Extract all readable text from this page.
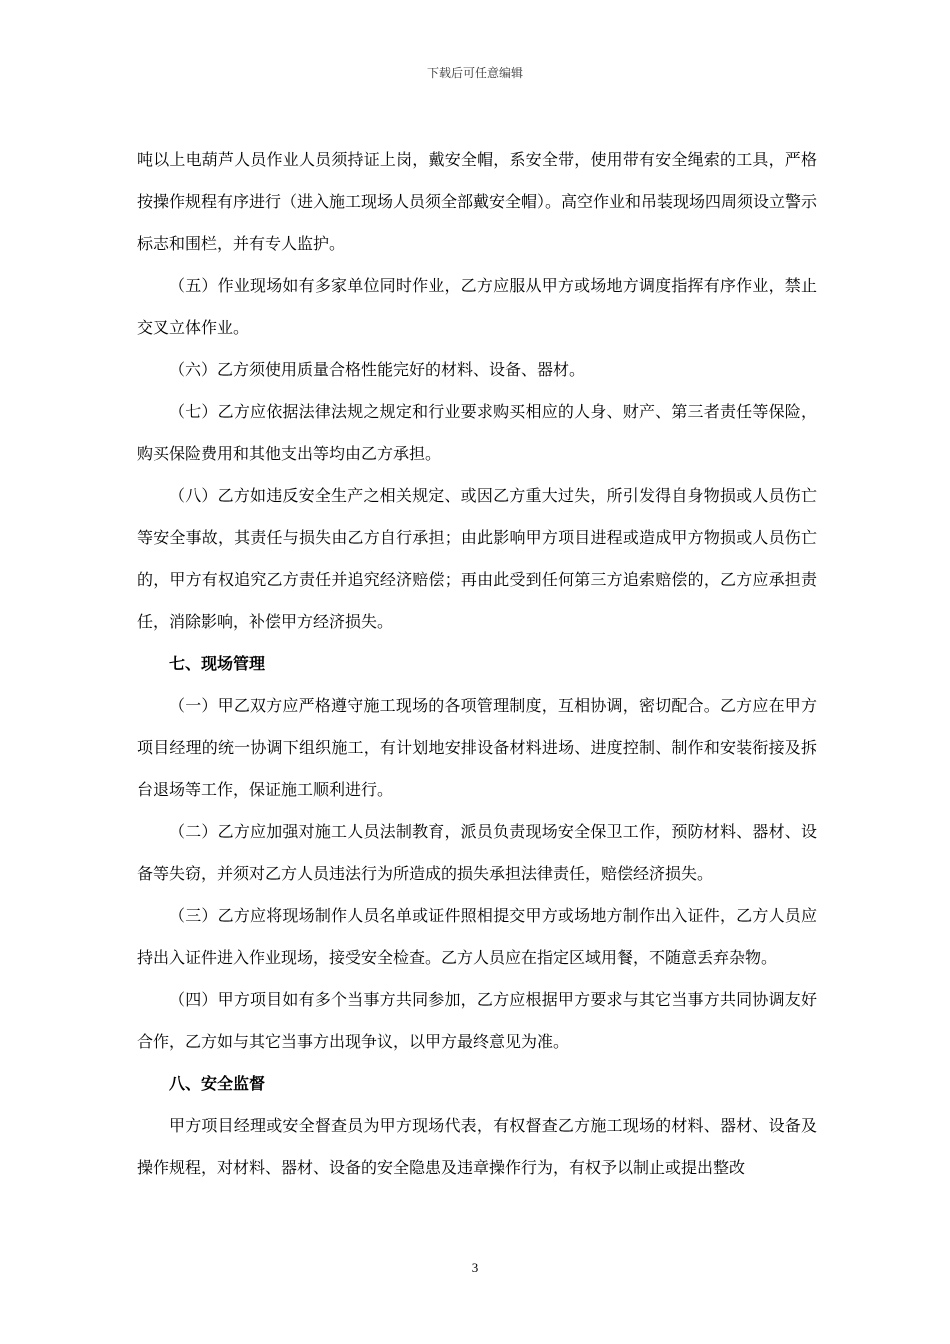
下载后可任意编辑

吨以上电葫芦人员作业人员须持证上岗，戴安全帽，系安全带，使用带有安全绳索的工具，严格按操作规程有序进行（进入施工现场人员须全部戴安全帽）。高空作业和吊装现场四周须设立警示标志和围栏，并有专人监护。

（五）作业现场如有多家单位同时作业，乙方应服从甲方或场地方调度指挥有序作业，禁止交叉立体作业。

（六）乙方须使用质量合格性能完好的材料、设备、器材。

（七）乙方应依据法律法规之规定和行业要求购买相应的人身、财产、第三者责任等保险，购买保险费用和其他支出等均由乙方承担。

（八）乙方如违反安全生产之相关规定、或因乙方重大过失，所引发得自身物损或人员伤亡等安全事故，其责任与损失由乙方自行承担；由此影响甲方项目进程或造成甲方物损或人员伤亡的，甲方有权追究乙方责任并追究经济赔偿；再由此受到任何第三方追索赔偿的，乙方应承担责任，消除影响，补偿甲方经济损失。

七、现场管理

（一）甲乙双方应严格遵守施工现场的各项管理制度，互相协调，密切配合。乙方应在甲方项目经理的统一协调下组织施工，有计划地安排设备材料进场、进度控制、制作和安装衔接及拆台退场等工作，保证施工顺利进行。

（二）乙方应加强对施工人员法制教育，派员负责现场安全保卫工作，预防材料、器材、设备等失窃，并须对乙方人员违法行为所造成的损失承担法律责任，赔偿经济损失。

（三）乙方应将现场制作人员名单或证件照相提交甲方或场地方制作出入证件，乙方人员应持出入证件进入作业现场，接受安全检查。乙方人员应在指定区域用餐，不随意丢弃杂物。

（四）甲方项目如有多个当事方共同参加，乙方应根据甲方要求与其它当事方共同协调友好合作，乙方如与其它当事方出现争议，以甲方最终意见为准。

八、安全监督

甲方项目经理或安全督查员为甲方现场代表，有权督查乙方施工现场的材料、器材、设备及操作规程，对材料、器材、设备的安全隐患及违章操作行为，有权予以制止或提出整改

3
